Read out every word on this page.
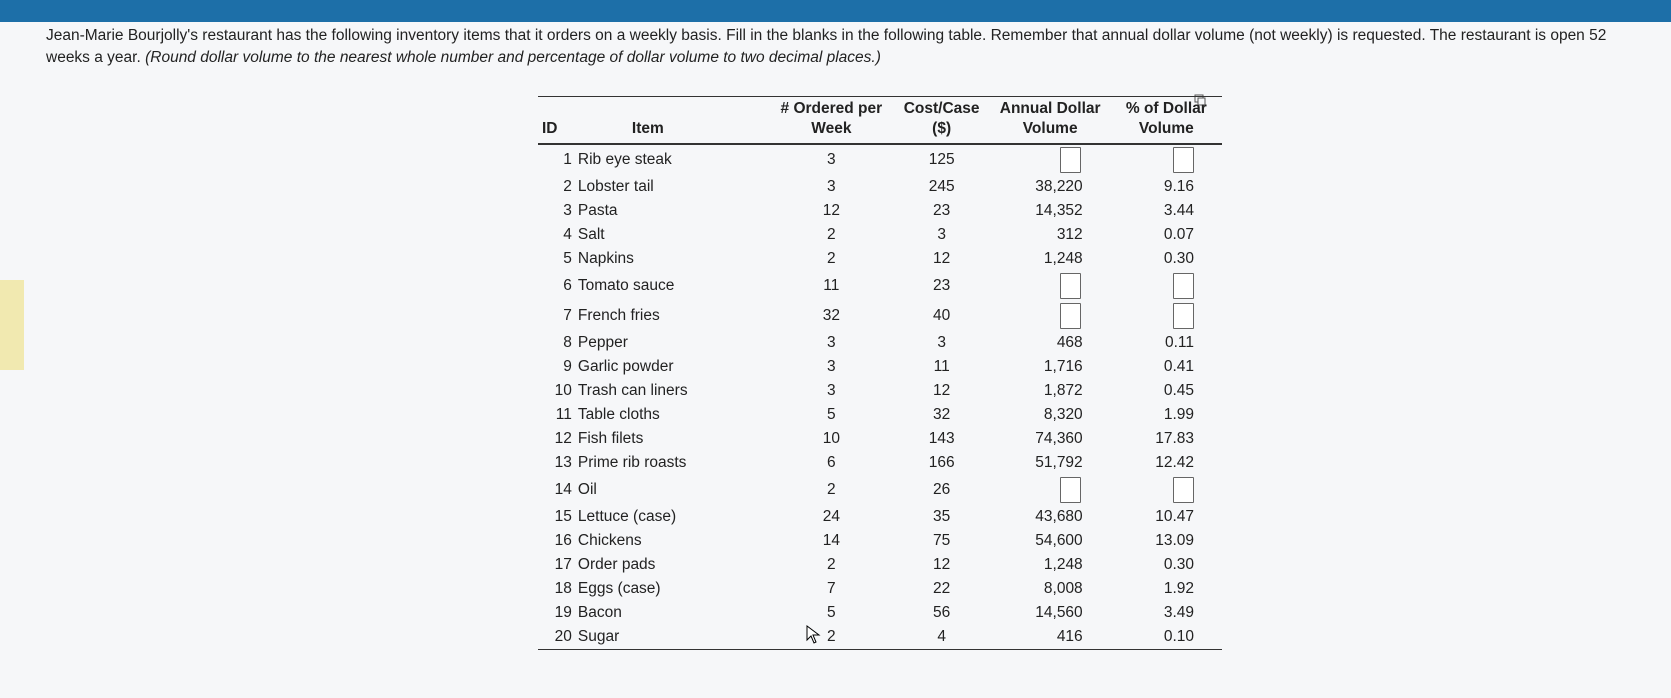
Jean-Marie Bourjolly's restaurant has the following inventory items that it orders on a weekly basis. Fill in the blanks in the following table. Remember that annual dollar volume (not weekly) is requested. The restaurant is open 52 weeks a year. (Round dollar volume to the nearest whole number and percentage of dollar volume to two decimal places.)
ID	Item	# Ordered per Week	Cost/Case ($)	Annual Dollar Volume	% of Dollar Volume
1	Rib eye steak	3	125		
2	Lobster tail	3	245	38,220	9.16
3	Pasta	12	23	14,352	3.44
4	Salt	2	3	312	0.07
5	Napkins	2	12	1,248	0.30
6	Tomato sauce	11	23		
7	French fries	32	40		
8	Pepper	3	3	468	0.11
9	Garlic powder	3	11	1,716	0.41
10	Trash can liners	3	12	1,872	0.45
11	Table cloths	5	32	8,320	1.99
12	Fish filets	10	143	74,360	17.83
13	Prime rib roasts	6	166	51,792	12.42
14	Oil	2	26		
15	Lettuce (case)	24	35	43,680	10.47
16	Chickens	14	75	54,600	13.09
17	Order pads	2	12	1,248	0.30
18	Eggs (case)	7	22	8,008	1.92
19	Bacon	5	56	14,560	3.49
20	Sugar	2	4	416	0.10
